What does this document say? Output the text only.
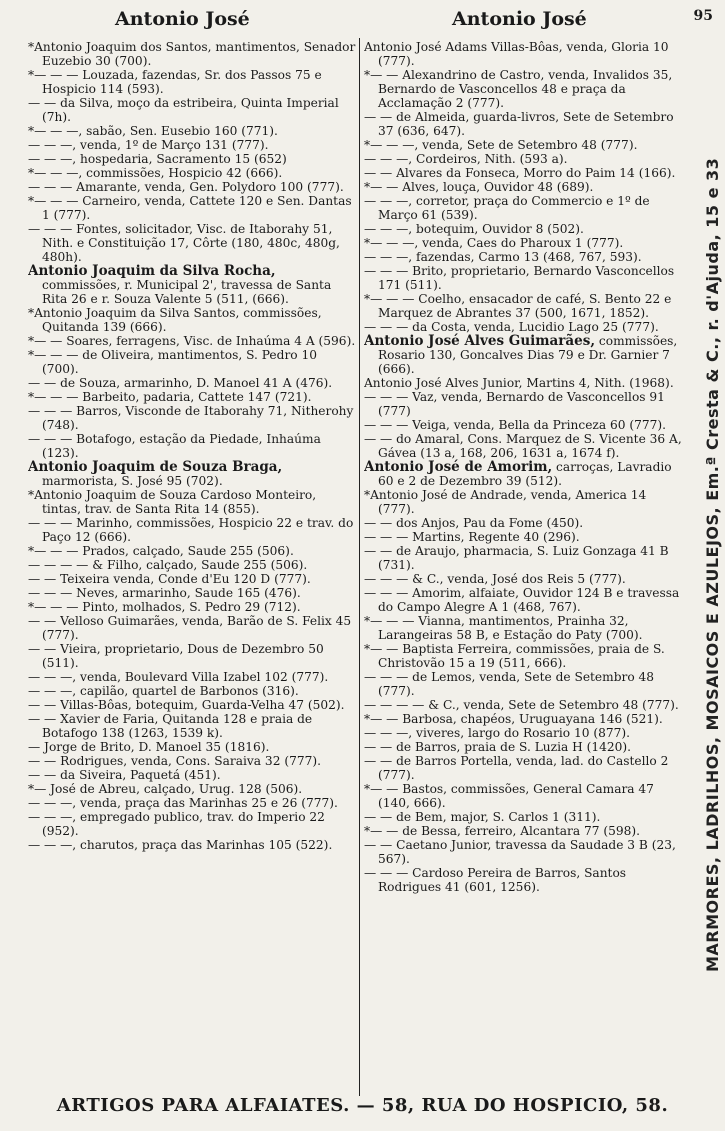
Antonio José	Antonio José	95

*Antonio Joaquim dos Santos, mantimentos, Senador Euzebio 30 (700).

*— — — Louzada, fazendas, Sr. dos Passos 75 e Hospicio 114 (593).

— — da Silva, moço da estribeira, Quinta Imperial (7h).

*— — —, sabão, Sen. Eusebio 160 (771).

— — —, venda, 1º de Março 131 (777).

— — —, hospedaria, Sacramento 15 (652)

*— — —, commissões, Hospicio 42 (666).

— — — Amarante, venda, Gen. Polydoro 100 (777).

*— — — Carneiro, venda, Cattete 120 e Sen. Dantas 1 (777).

— — — Fontes, solicitador, Visc. de Itaborahy 51, Nith. e Constituição 17, Côrte (180, 480c, 480g, 480h).

Antonio Joaquim da Silva Rocha, commissões, r. Municipal 2', travessa de Santa Rita 26 e r. Souza Valente 5 (511, (666).

*Antonio Joaquim da Silva Santos, commissões, Quitanda 139 (666).

*— — Soares, ferragens, Visc. de Inhaúma 4 A (596).

*— — — de Oliveira, mantimentos, S. Pedro 10 (700).

— — de Souza, armarinho, D. Manoel 41 A (476).

*— — — Barbeito, padaria, Cattete 147 (721).

— — — Barros, Visconde de Itaborahy 71, Nitherohy (748).

— — — Botafogo, estação da Piedade, Inhaúma (123).

Antonio Joaquim de Souza Braga, marmorista, S. José 95 (702).

*Antonio Joaquim de Souza Cardoso Monteiro, tintas, trav. de Santa Rita 14 (855).

— — — Marinho, commissões, Hospicio 22 e trav. do Paço 12 (666).

*— — — Prados, calçado, Saude 255 (506).

— — — — & Filho, calçado, Saude 255 (506).

— — Teixeira venda, Conde d'Eu 120 D (777).

— — — Neves, armarinho, Saude 165 (476).

*— — — Pinto, molhados, S. Pedro 29 (712).

— — Velloso Guimarães, venda, Barão de S. Felix 45 (777).

— — Vieira, proprietario, Dous de Dezembro 50 (511).

— — —, venda, Boulevard Villa Izabel 102 (777).

— — —, capilão, quartel de Barbonos (316).

— — Villas-Bôas, botequim, Guarda-Velha 47 (502).

— — Xavier de Faria, Quitanda 128 e praia de Botafogo 138 (1263, 1539 k).

— Jorge de Brito, D. Manoel 35 (1816).

— — Rodrigues, venda, Cons. Saraiva 32 (777).

— — da Siveira, Paquetá (451).

*— José de Abreu, calçado, Urug. 128 (506).

— — —, venda, praça das Marinhas 25 e 26 (777).

— — —, empregado publico, trav. do Imperio 22 (952).

— — —, charutos, praça das Marinhas 105 (522).

Antonio José Adams Villas-Bôas, venda, Gloria 10 (777).

*— — Alexandrino de Castro, venda, Invalidos 35, Bernardo de Vasconcellos 48 e praça da Acclamação 2 (777).

— — de Almeida, guarda-livros, Sete de Setembro 37 (636, 647).

*— — —, venda, Sete de Setembro 48 (777).

— — —, Cordeiros, Nith. (593 a).

— — Alvares da Fonseca, Morro do Paim 14 (166).

*— — Alves, louça, Ouvidor 48 (689).

— — —, corretor, praça do Commercio e 1º de Março 61 (539).

— — —, botequim, Ouvidor 8 (502).

*— — —, venda, Caes do Pharoux 1 (777).

— — —, fazendas, Carmo 13 (468, 767, 593).

— — — Brito, proprietario, Bernardo Vasconcellos 171 (511).

*— — — Coelho, ensacador de café, S. Bento 22 e Marquez de Abrantes 37 (500, 1671, 1852).

— — — da Costa, venda, Lucidio Lago 25 (777).

Antonio José Alves Guimarães, commissões, Rosario 130, Goncalves Dias 79 e Dr. Garnier 7 (666).

Antonio José Alves Junior, Martins 4, Nith. (1968).

— — — Vaz, venda, Bernardo de Vasconcellos 91 (777)

— — — Veiga, venda, Bella da Princeza 60 (777).

— — do Amaral, Cons. Marquez de S. Vicente 36 A, Gávea (13 a, 168, 206, 1631 a, 1674 f).

Antonio José de Amorim, carroças, Lavradio 60 e 2 de Dezembro 39 (512).

*Antonio José de Andrade, venda, America 14 (777).

— — dos Anjos, Pau da Fome (450).

— — — Martins, Regente 40 (296).

— — de Araujo, pharmacia, S. Luiz Gonzaga 41 B (731).

— — — & C., venda, José dos Reis 5 (777).

— — — Amorim, alfaiate, Ouvidor 124 B e travessa do Campo Alegre A 1 (468, 767).

*— — — Vianna, mantimentos, Prainha 32, Larangeiras 58 B, e Estação do Paty (700).

*— — Baptista Ferreira, commissões, praia de S. Christovão 15 a 19 (511, 666).

— — — de Lemos, venda, Sete de Setembro 48 (777).

— — — — & C., venda, Sete de Setembro 48 (777).

*— — Barbosa, chapéos, Uruguayana 146 (521).

— — —, viveres, largo do Rosario 10 (877).

— — de Barros, praia de S. Luzia H (1420).

— — de Barros Portella, venda, lad. do Castello 2 (777).

*— — Bastos, commissões, General Camara 47 (140, 666).

— — de Bem, major, S. Carlos 1 (311).

*— — de Bessa, ferreiro, Alcantara 77 (598).

— — Caetano Junior, travessa da Saudade 3 B (23, 567).

— — — Cardoso Pereira de Barros, Santos Rodrigues 41 (601, 1256).	MARMORES, LADRILHOS, MOSAICOS E AZULEJOS, Em.ª Cresta & C., r. d'Ajuda, 15 e 33
ARTIGOS PARA ALFAIATES. — 58, RUA DO HOSPICIO, 58.
